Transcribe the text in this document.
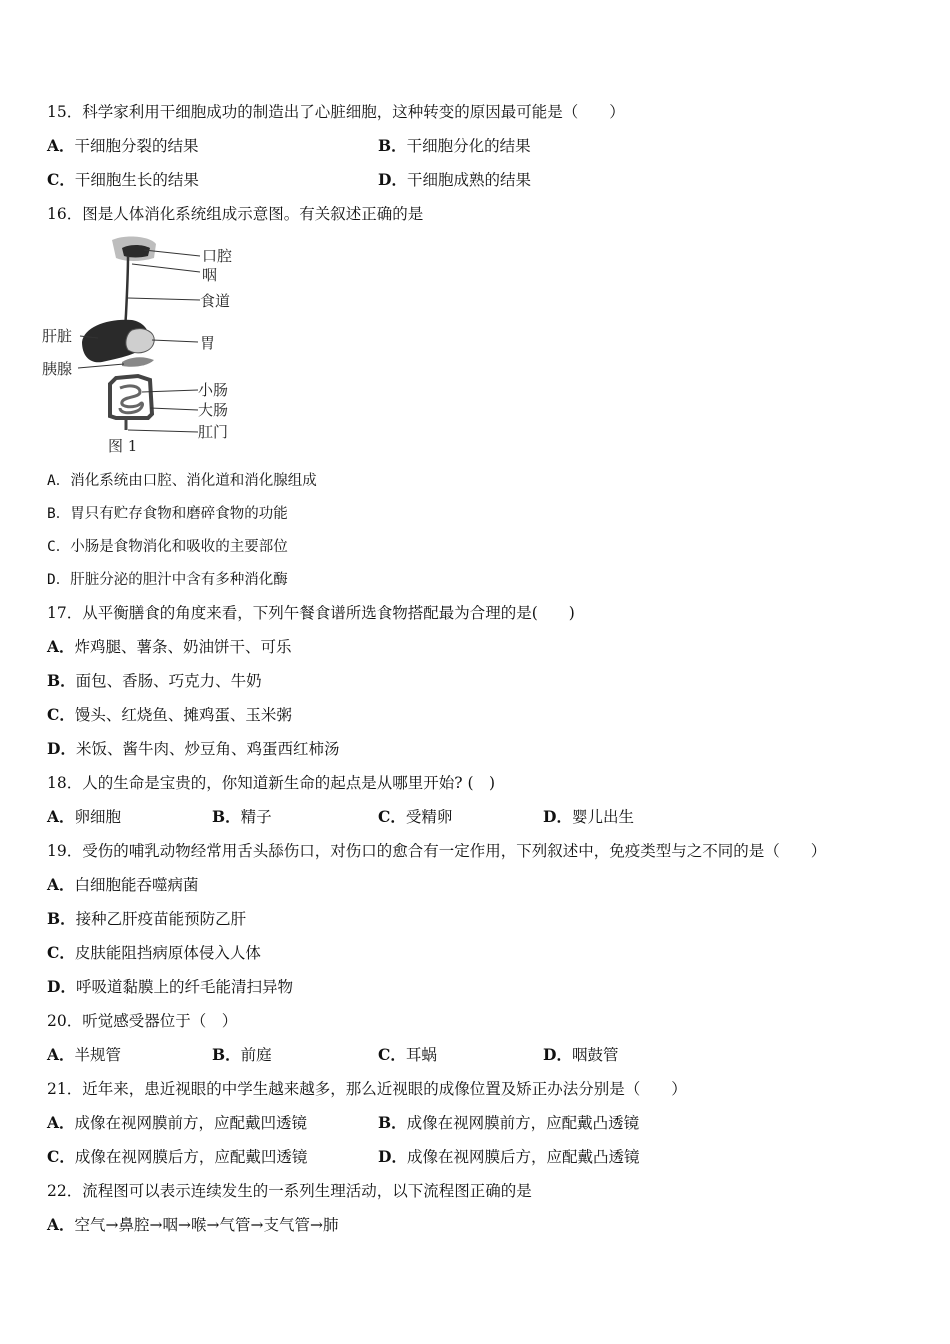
15．科学家利用干细胞成功的制造出了心脏细胞，这种转变的原因最可能是（　　）
A．干细胞分裂的结果	B．干细胞分化的结果
C．干细胞生长的结果	D．干细胞成熟的结果
16．图是人体消化系统组成示意图。有关叙述正确的是
口腔
咽
食道
肝脏	胃
胰腺
小肠
大肠
肛门
图 1
A．消化系统由口腔、消化道和消化腺组成
B．胃只有贮存食物和磨碎食物的功能
C．小肠是食物消化和吸收的主要部位
D．肝脏分泌的胆汁中含有多种消化酶
17．从平衡膳食的角度来看，下列午餐食谱所选食物搭配最为合理的是(　　)
A．炸鸡腿、薯条、奶油饼干、可乐
B．面包、香肠、巧克力、牛奶
C．馒头、红烧鱼、摊鸡蛋、玉米粥
D．米饭、酱牛肉、炒豆角、鸡蛋西红柿汤
18．人的生命是宝贵的，你知道新生命的起点是从哪里开始? (　)
A．卵细胞	B．精子	C．受精卵	D．婴儿出生
19．受伤的哺乳动物经常用舌头舔伤口，对伤口的愈合有一定作用，下列叙述中，免疫类型与之不同的是（　　）
A．白细胞能吞噬病菌
B．接种乙肝疫苗能预防乙肝
C．皮肤能阻挡病原体侵入人体
D．呼吸道黏膜上的纤毛能清扫异物
20．听觉感受器位于（　）
A．半规管	B．前庭	C．耳蜗	D．咽鼓管
21．近年来，患近视眼的中学生越来越多，那么近视眼的成像位置及矫正办法分别是（　　）
A．成像在视网膜前方，应配戴凹透镜	B．成像在视网膜前方，应配戴凸透镜
C．成像在视网膜后方，应配戴凹透镜	D．成像在视网膜后方，应配戴凸透镜
22．流程图可以表示连续发生的一系列生理活动，以下流程图正确的是
A．空气→鼻腔→咽→喉→气管→支气管→肺
